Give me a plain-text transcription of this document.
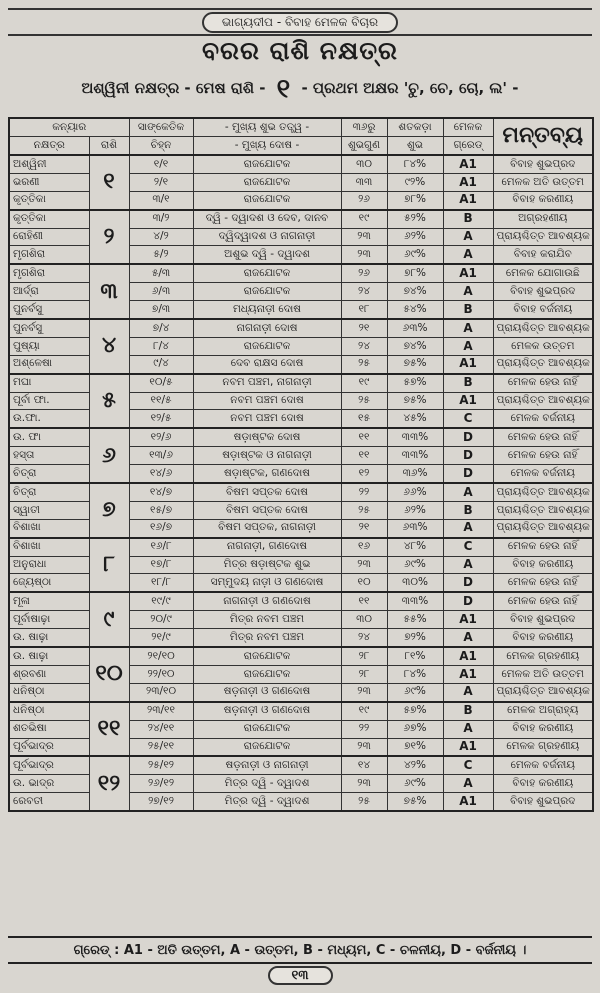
ଭାଗ୍ୟଦୀପ - ବିବାହ ମେଳକ ବିଚାର
ବରର ରାଶି ନକ୍ଷତ୍ର
ଅଶ୍ୱିନୀ ନକ୍ଷତ୍ର - ମେଷ ରାଶି - ୧ - ପ୍ରଥମ ଅକ୍ଷର 'ଚୁ, ଚେ, ଚୋ, ଲ' -
କନ୍ୟାର		ସାଙ୍କେତିକ	- ମୁଖ୍ୟ ଶୁଭ ତତ୍ତ୍ୱ -	୩୬ରୁ	ଶତକଡ଼ା	ମେଳକ	ମନ୍ତବ୍ୟ
ନକ୍ଷତ୍ର	ରାଶି	ଚିହ୍ନ	- ମୁଖ୍ୟ ଦୋଷ -	ଶୁଭଗୁଣ	ଶୁଭ	ଗ୍ରେଡ୍	
ଅଶ୍ୱିନୀ	୧	୧/୧	ରାଜଯୋଟକ	୩୦	୮୪%	A1	ବିବାହ ଶୁଭପ୍ରଦ
ଭରଣୀ		୨/୧	ରାଜଯୋଟକ	୩୩	୯୨%	A1	ମେଳକ ଅତି ଉତ୍ତମ
କୃତ୍ତିକା		୩/୧	ରାଜଯୋଟକ	୨୬	୭୮%	A1	ବିବାହ କରଣୀୟ
କୃତ୍ତିକା	୨	୩/୨	ଦ୍ୱି - ଦ୍ୱାଦଶ ଓ ଦେବ, ଦାନବ	୧୯	୫୨%	B	ଅଗ୍ରହଣୀୟ
ରୋହିଣୀ		୪/୨	ଦ୍ୱିଦ୍ୱାଦଶ ଓ ନାଗନାଡ଼ୀ	୨୩	୬୨%	A	ପ୍ରାୟଶ୍ଚିତ୍ତ ଆବଶ୍ୟକ
ମୃଗଶିରା		୫/୨	ଅଶୁଭ ଦ୍ୱି - ଦ୍ୱାଦଶ	୨୩	୬୯%	A	ବିବାହ କରାଯିବ
ମୃଗଶିରା	୩	୫/୩	ରାଜଯୋଟକ	୨୬	୭୮%	A1	ମେଳକ ଯୋଗାଉଛି
ଆର୍ଦ୍ରା		୬/୩	ରାଜଯୋଟକ	୨୪	୭୪%	A	ବିବାହ ଶୁଭପ୍ରଦ
ପୁନର୍ବସୁ		୭/୩	ମଧ୍ୟନାଡ଼ୀ ଦୋଷ	୧୮	୫୪%	B	ବିବାହ ବର୍ଜନୀୟ
ପୁନର୍ବସୁ	୪	୭/୪	ନାଗନାଡ଼ୀ ଦୋଷ	୨୧	୬୩%	A	ପ୍ରାୟଶ୍ଚିତ୍ତ ଆବଶ୍ୟକ
ପୁଷ୍ୟା		୮/୪	ରାଜଯୋଟକ	୨୪	୭୪%	A	ମେଳକ ଉତ୍ତମ
ଅଶ୍ଳେଷା		୯/୪	ଦେବ ରାକ୍ଷସ ଦୋଷ	୨୫	୭୫%	A1	ପ୍ରାୟଶ୍ଚିତ୍ତ ଆବଶ୍ୟକ
ମଘା	୫	୧୦/୫	ନବମ ପଞ୍ଚମ, ନାଗନାଡ଼ୀ	୧୯	୫୭%	B	ମେଳକ ହେଉ ନାହିଁ
ପୂର୍ବା ଫା.		୧୧/୫	ନବମ ପଞ୍ଚମ ଦୋଷ	୨୫	୭୫%	A1	ପ୍ରାୟଶ୍ଚିତ୍ତ ଆବଶ୍ୟକ
ଉ.ଫା.		୧୨/୫	ନବମ ପଞ୍ଚମ ଦୋଷ	୧୫	୪୫%	C	ମେଳକ ବର୍ଜନୀୟ
ଉ. ଫା	୬	୧୨/୬	ଷଡ଼ାଷ୍ଟକ ଦୋଷ	୧୧	୩୩%	D	ମେଳକ ହେଉ ନାହିଁ
ହସ୍ତା		୧୩/୬	ଷଡ଼ାଷ୍ଟକ ଓ ନାଗନାଡ଼ୀ	୧୧	୩୩%	D	ମେଳକ ହେଉ ନାହିଁ
ଚିତ୍ରା		୧୪/୬	ଷଡ଼ାଷ୍ଟକ, ଗଣଦୋଷ	୧୨	୩୬%	D	ମେଳକ ବର୍ଜନୀୟ
ଚିତ୍ରା	୭	୧୪/୭	ବିଷମ ସପ୍ତକ ଦୋଷ	୨୨	୬୬%	A	ପ୍ରାୟଶ୍ଚିତ୍ତ ଆବଶ୍ୟକ
ସ୍ୱାତୀ		୧୫/୭	ବିଷମ ସପ୍ତକ ଦୋଷ	୨୫	୬୨%	B	ପ୍ରାୟଶ୍ଚିତ୍ତ ଆବଶ୍ୟକ
ବିଶାଖା		୧୬/୭	ବିଷମ ସପ୍ତକ, ନାଗନାଡ଼ୀ	୨୧	୬୩%	A	ପ୍ରାୟଶ୍ଚିତ୍ତ ଆବଶ୍ୟକ
ବିଶାଖା	୮	୧୬/୮	ନାଗନାଡ଼ୀ, ଗଣଦୋଷ	୧୬	୪୮%	C	ମେଳକ ହେଉ ନାହିଁ
ଅନୁରାଧା		୧୭/୮	ମିତ୍ର ଷଡ଼ାଷ୍ଟକ ଶୁଭ	୨୩	୬୯%	A	ବିବାହ କରଣୀୟ
ଜ୍ୟେଷ୍ଠା		୧୮/୮	ସମ୍ମୁଦୟ ନାଡ଼ୀ ଓ ଗଣଦୋଷ	୧୦	୩୦%	D	ମେଳକ ହେଉ ନାହିଁ
ମୂଳା	୯	୧୯/୯	ନାଗନାଡ଼ୀ ଓ ଗଣଦୋଷ	୧୧	୩୩%	D	ମେଳକ ହେଉ ନାହିଁ
ପୂର୍ବାଷାଢ଼ା		୨୦/୯	ମିତ୍ର ନବମ ପଞ୍ଚମ	୩୦	୫୫%	A1	ବିବାହ ଶୁଭପ୍ରଦ
ଉ. ଷାଢ଼ା		୨୧/୯	ମିତ୍ର ନବମ ପଞ୍ଚମ	୨୪	୭୨%	A	ବିବାହ କରଣୀୟ
ଉ. ଷାଢ଼ା	୧୦	୨୧/୧୦	ରାଜଯୋଟକ	୨୮	୮୧%	A1	ମେଳକ ଗ୍ରହଣୀୟ
ଶ୍ରବଣା		୨୨/୧୦	ରାଜଯୋଟକ	୨୮	୮୪%	A1	ମେଳକ ଅତି ଉତ୍ତମ
ଧନିଷ୍ଠା		୨୩/୧୦	ଷଡ଼ନାଡ଼ୀ ଓ ଗଣଦୋଷ	୨୩	୬୯%	A	ପ୍ରାୟଶ୍ଚିତ୍ତ ଆବଶ୍ୟକ
ଧନିଷ୍ଠା	୧୧	୨୩/୧୧	ଷଡ଼ନାଡ଼ୀ ଓ ଗଣଦୋଷ	୧୯	୫୭%	B	ମେଳକ ଅଗ୍ରାହ୍ୟ
ଶତଭିଷା		୨୪/୧୧	ରାଜଯୋଟକ	୨୨	୬୭%	A	ବିବାହ କରଣୀୟ
ପୂର୍ବଭାଦ୍ର		୨୫/୧୧	ରାଜଯୋଟକ	୨୩	୭୧%	A1	ମେଳକ ଗ୍ରହଣୀୟ
ପୂର୍ବଭାଦ୍ର	୧୨	୨୫/୧୨	ଷଡ଼ନାଡ଼ୀ ଓ ନାଗନାଡ଼ୀ	୧୪	୪୨%	C	ମେଳକ ବର୍ଜନୀୟ
ଉ. ଭାଦ୍ର		୨୬/୧୨	ମିତ୍ର ଦ୍ୱି - ଦ୍ୱାଦଶ	୨୩	୬୯%	A	ବିବାହ କରଣୀୟ
ରେବତୀ		୨୭/୧୨	ମିତ୍ର ଦ୍ୱି - ଦ୍ୱାଦଶ	୨୫	୭୫%	A1	ବିବାହ ଶୁଭପ୍ରଦ
ଗ୍ରେଡ୍ : A1 - ଅତି ଉତ୍ତମ, A - ଉତ୍ତମ, B - ମଧ୍ୟମ, C - ଚଳନୀୟ, D - ବର୍ଜନୀୟ ।
୧୩
